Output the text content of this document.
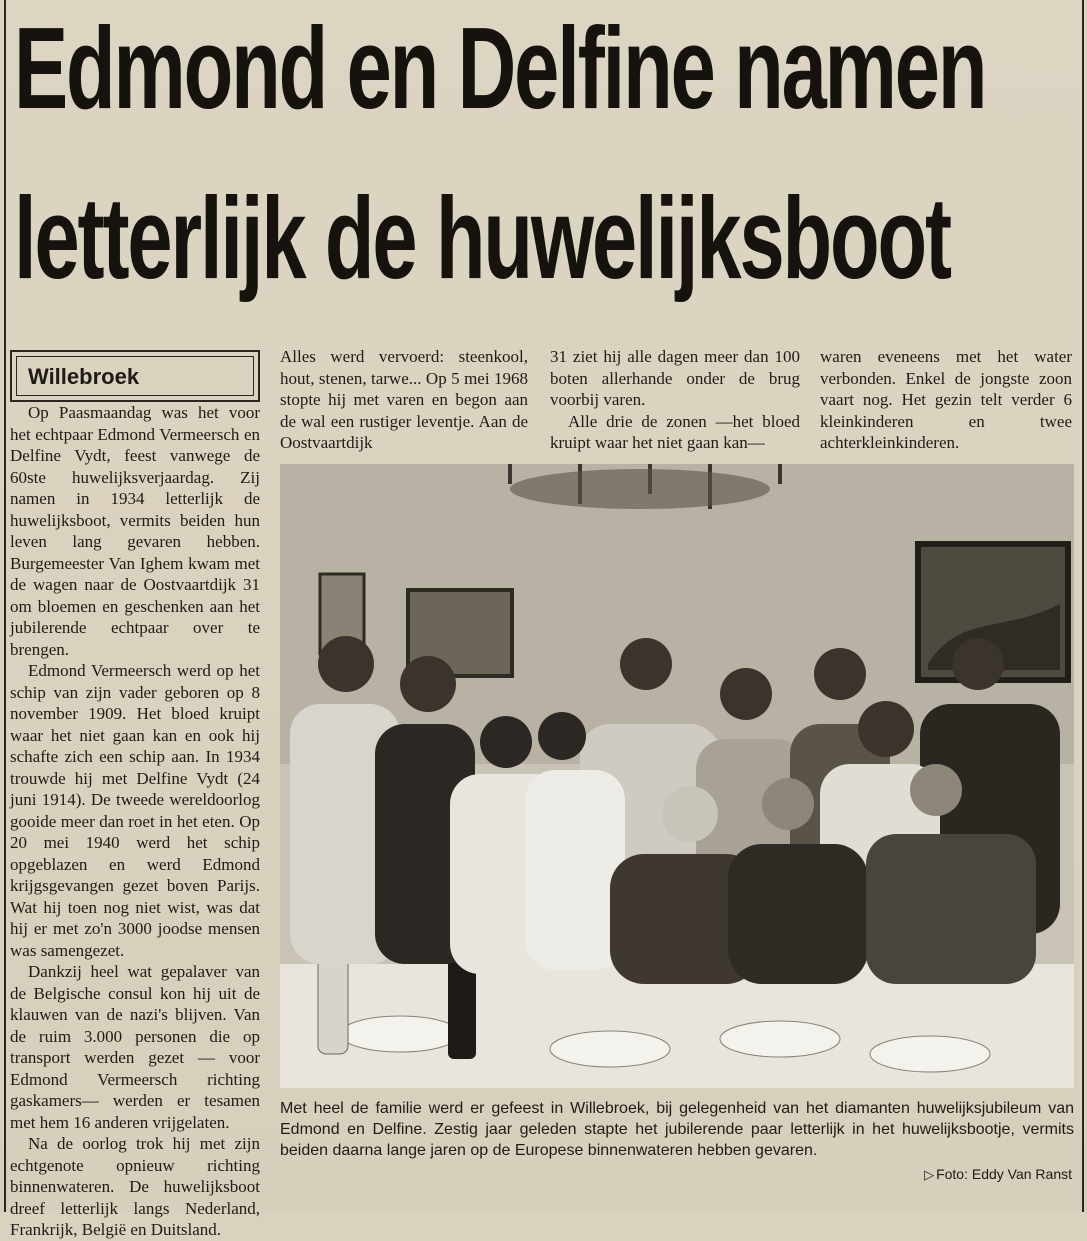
Edmond en Delfine namen
letterlijk de huwelijksboot
Willebroek

Op Paasmaandag was het voor het echtpaar Edmond Vermeersch en Delfine Vydt, feest vanwege de 60ste huwelijksverjaardag. Zij namen in 1934 letterlijk de huwelijksboot, vermits beiden hun leven lang gevaren hebben. Burgemeester Van Ighem kwam met de wagen naar de Oostvaartdijk 31 om bloemen en geschenken aan het jubilerende echtpaar over te brengen.

Edmond Vermeersch werd op het schip van zijn vader geboren op 8 november 1909. Het bloed kruipt waar het niet gaan kan en ook hij schafte zich een schip aan. In 1934 trouwde hij met Delfine Vydt (24 juni 1914). De tweede wereldoorlog gooide meer dan roet in het eten. Op 20 mei 1940 werd het schip opgeblazen en werd Edmond krijgsgevangen gezet boven Parijs. Wat hij toen nog niet wist, was dat hij er met zo'n 3000 joodse mensen was samengezet.

Dankzij heel wat gepalaver van de Belgische consul kon hij uit de klauwen van de nazi's blijven. Van de ruim 3.000 personen die op transport werden gezet — voor Edmond Vermeersch richting gaskamers— werden er tesamen met hem 16 anderen vrijgelaten.

Na de oorlog trok hij met zijn echtgenote opnieuw richting binnenwateren. De huwelijksboot dreef letterlijk langs Nederland, Frankrijk, België en Duitsland.

Alles werd vervoerd: steenkool, hout, stenen, tarwe... Op 5 mei 1968 stopte hij met varen en begon aan de wal een rustiger leventje. Aan de Oostvaartdijk

31 ziet hij alle dagen meer dan 100 boten allerhande onder de brug voorbij varen.

Alle drie de zonen —het bloed kruipt waar het niet gaan kan—

waren eveneens met het water verbonden. Enkel de jongste zoon vaart nog. Het gezin telt verder 6 kleinkinderen en twee achterkleinkinderen.

Met heel de familie werd er gefeest in Willebroek, bij gelegenheid van het diamanten huwelijksjubileum van Edmond en Delfine. Zestig jaar geleden stapte het jubilerende paar letterlijk in het huwelijksbootje, vermits beiden daarna lange jaren op de Europese binnenwateren hebben gevaren.
▷ Foto: Eddy Van Ranst
